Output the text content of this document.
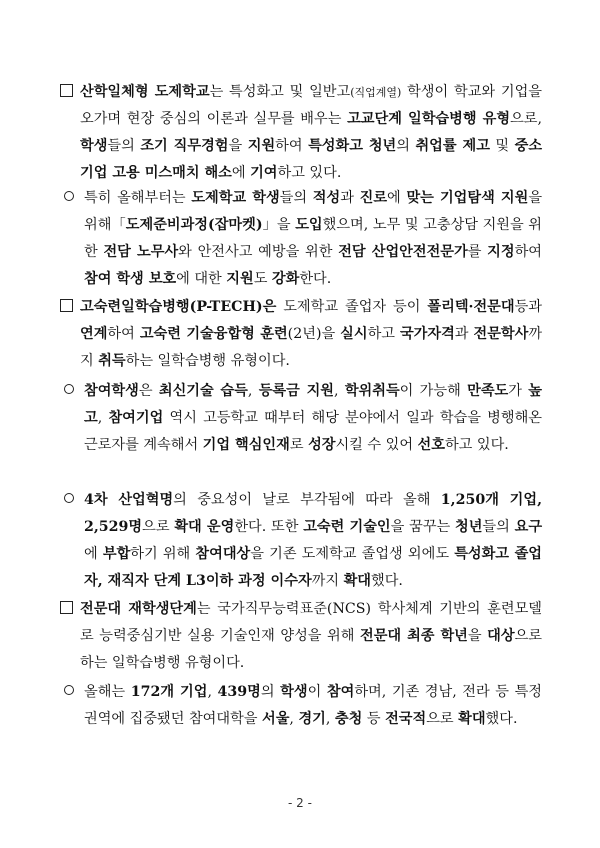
산학일체형 도제학교는 특성화고 및 일반고(직업계열) 학생이 학교와 기업을 오가며 현장 중심의 이론과 실무를 배우는 고교단계 일학습병행 유형으로, 학생들의 조기 직무경험을 지원하여 특성화고 청년의 취업률 제고 및 중소기업 고용 미스매치 해소에 기여하고 있다.
특히 올해부터는 도제학교 학생들의 적성과 진로에 맞는 기업탐색 지원을 위해「도제준비과정(잡마켓)」을 도입했으며, 노무 및 고충상담 지원을 위한 전담 노무사와 안전사고 예방을 위한 전담 산업안전전문가를 지정하여 참여 학생 보호에 대한 지원도 강화한다.
고숙련일학습병행(P-TECH)은 도제학교 졸업자 등이 폴리텍·전문대등과 연계하여 고숙련 기술융합형 훈련(2년)을 실시하고 국가자격과 전문학사까지 취득하는 일학습병행 유형이다.
참여학생은 최신기술 습득, 등록금 지원, 학위취득이 가능해 만족도가 높고, 참여기업 역시 고등학교 때부터 해당 분야에서 일과 학습을 병행해온 근로자를 계속해서 기업 핵심인재로 성장시킬 수 있어 선호하고 있다.
4차 산업혁명의 중요성이 날로 부각됨에 따라 올해 1,250개 기업, 2,529명으로 확대 운영한다. 또한 고숙련 기술인을 꿈꾸는 청년들의 요구에 부합하기 위해 참여대상을 기존 도제학교 졸업생 외에도 특성화고 졸업자, 재직자 단계 L3이하 과정 이수자까지 확대했다.
전문대 재학생단계는 국가직무능력표준(NCS) 학사체계 기반의 훈련모델로 능력중심기반 실용 기술인재 양성을 위해 전문대 최종 학년을 대상으로 하는 일학습병행 유형이다.
올해는 172개 기업, 439명의 학생이 참여하며, 기존 경남, 전라 등 특정권역에 집중됐던 참여대학을 서울, 경기, 충청 등 전국적으로 확대했다.
- 2 -
